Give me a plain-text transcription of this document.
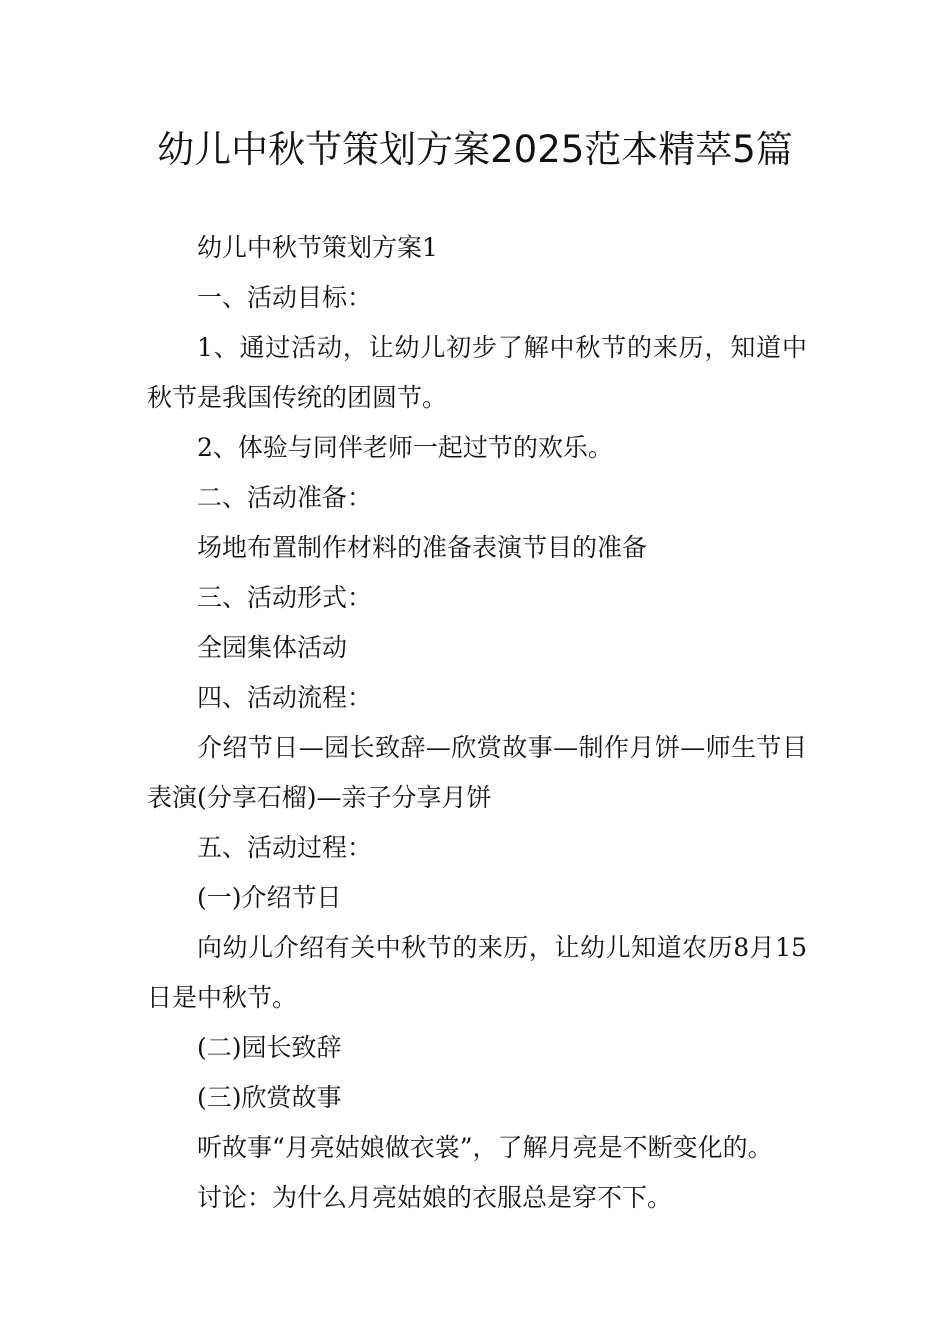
幼儿中秋节策划方案2025范本精萃5篇

幼儿中秋节策划方案1

一、活动目标：

1、通过活动，让幼儿初步了解中秋节的来历，知道中秋节是我国传统的团圆节。

2、体验与同伴老师一起过节的欢乐。

二、活动准备：

场地布置制作材料的准备表演节目的准备

三、活动形式：

全园集体活动

四、活动流程：

介绍节日—园长致辞—欣赏故事—制作月饼—师生节目表演(分享石榴)—亲子分享月饼

五、活动过程：

(一)介绍节日

向幼儿介绍有关中秋节的来历，让幼儿知道农历8月15日是中秋节。

(二)园长致辞

(三)欣赏故事

听故事“月亮姑娘做衣裳”，了解月亮是不断变化的。

讨论：为什么月亮姑娘的衣服总是穿不下。
